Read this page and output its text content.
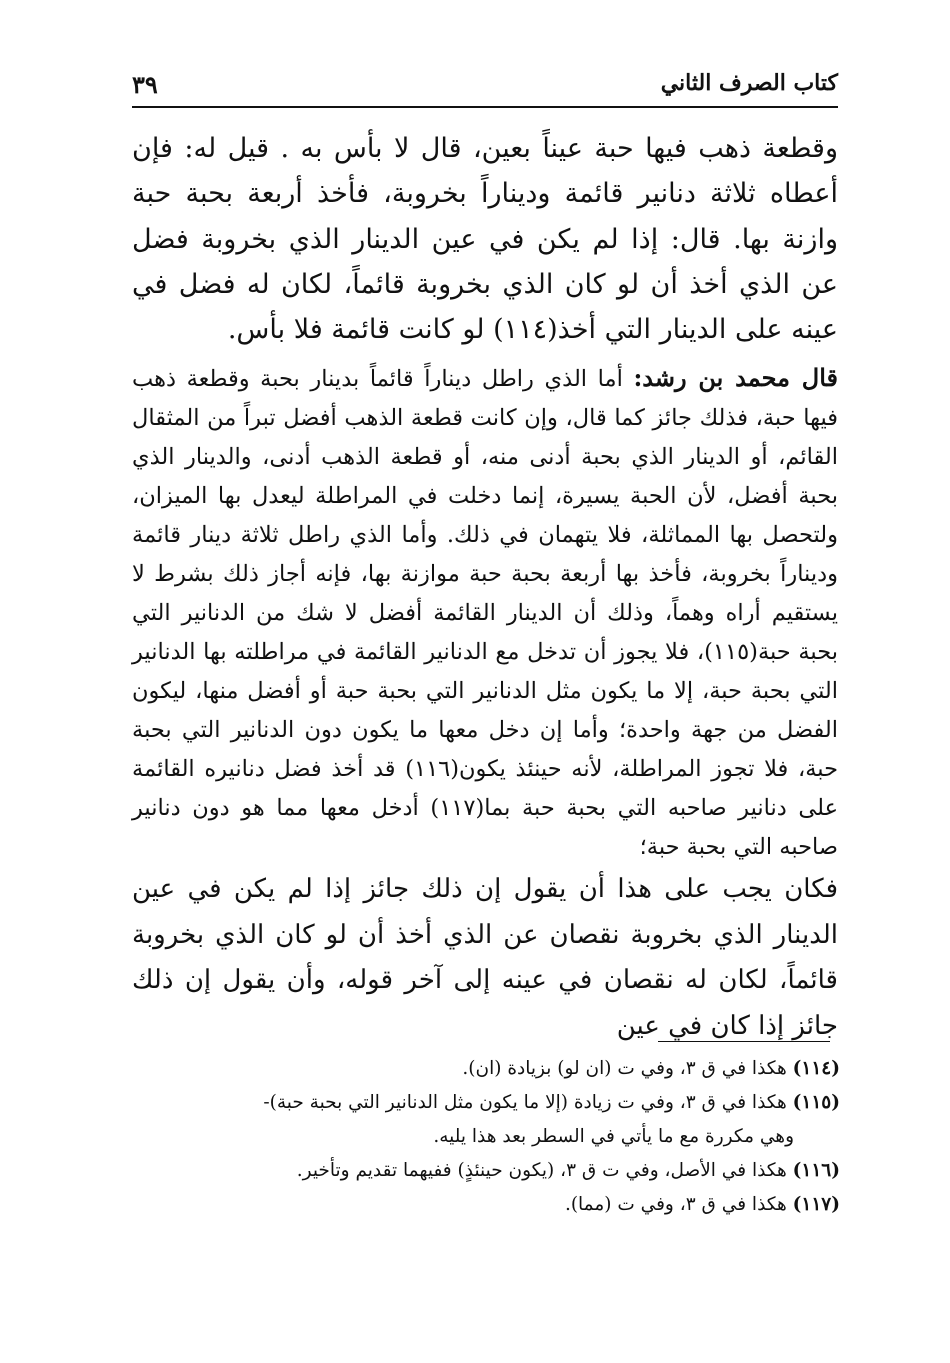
كتاب الصرف الثاني
٣٩

وقطعة ذهب فيها حبة عيناً بعين، قال لا بأس به . قيل له: فإن أعطاه ثلاثة دنانير قائمة وديناراً بخروبة، فأخذ أربعة بحبة حبة وازنة بها. قال: إذا لم يكن في عين الدينار الذي بخروبة فضل عن الذي أخذ أن لو كان الذي بخروبة قائماً، لكان له فضل في عينه على الدينار التي أخذ(١١٤) لو كانت قائمة فلا بأس.

قال محمد بن رشد: أما الذي راطل ديناراً قائماً بدينار بحبة وقطعة ذهب فيها حبة، فذلك جائز كما قال، وإن كانت قطعة الذهب أفضل تبراً من المثقال القائم، أو الدينار الذي بحبة أدنى منه، أو قطعة الذهب أدنى، والدينار الذي بحبة أفضل، لأن الحبة يسيرة، إنما دخلت في المراطلة ليعدل بها الميزان، ولتحصل بها المماثلة، فلا يتهمان في ذلك. وأما الذي راطل ثلاثة دينار قائمة وديناراً بخروبة، فأخذ بها أربعة بحبة حبة موازنة بها، فإنه أجاز ذلك بشرط لا يستقيم أراه وهماً، وذلك أن الدينار القائمة أفضل لا شك من الدنانير التي بحبة حبة(١١٥)، فلا يجوز أن تدخل مع الدنانير القائمة في مراطلته بها الدنانير التي بحبة حبة، إلا ما يكون مثل الدنانير التي بحبة حبة أو أفضل منها، ليكون الفضل من جهة واحدة؛ وأما إن دخل معها ما يكون دون الدنانير التي بحبة حبة، فلا تجوز المراطلة، لأنه حينئذ يكون(١١٦) قد أخذ فضل دنانيره القائمة على دنانير صاحبه التي بحبة حبة بما(١١٧) أدخل معها مما هو دون دنانير صاحبه التي بحبة حبة؛

فكان يجب على هذا أن يقول إن ذلك جائز إذا لم يكن في عين الدينار الذي بخروبة نقصان عن الذي أخذ أن لو كان الذي بخروبة قائماً، لكان له نقصان في عينه إلى آخر قوله، وأن يقول إن ذلك جائز إذا كان في عين

(١١٤) هكذا في ق ٣، وفي ت (ان لو) بزيادة (ان).

(١١٥) هكذا في ق ٣، وفي ت زيادة (إلا ما يكون مثل الدنانير التي بحبة حبة)-
وهي مكررة مع ما يأتي في السطر بعد هذا يليه.

(١١٦) هكذا في الأصل، وفي ت ق ٣، (يكون حينئذٍ) ففيهما تقديم وتأخير.

(١١٧) هكذا في ق ٣، وفي ت (مما).
